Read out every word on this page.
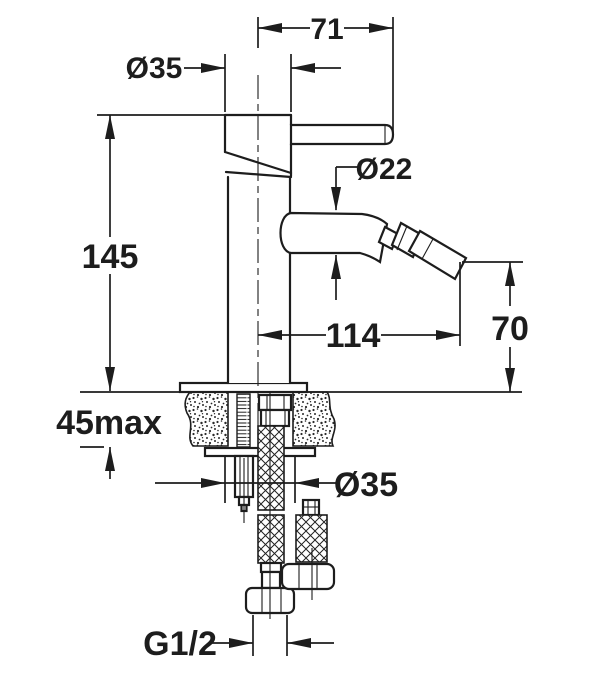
71
Ø35
Ø22
145
114	70
45max
Ø35
G1/2
